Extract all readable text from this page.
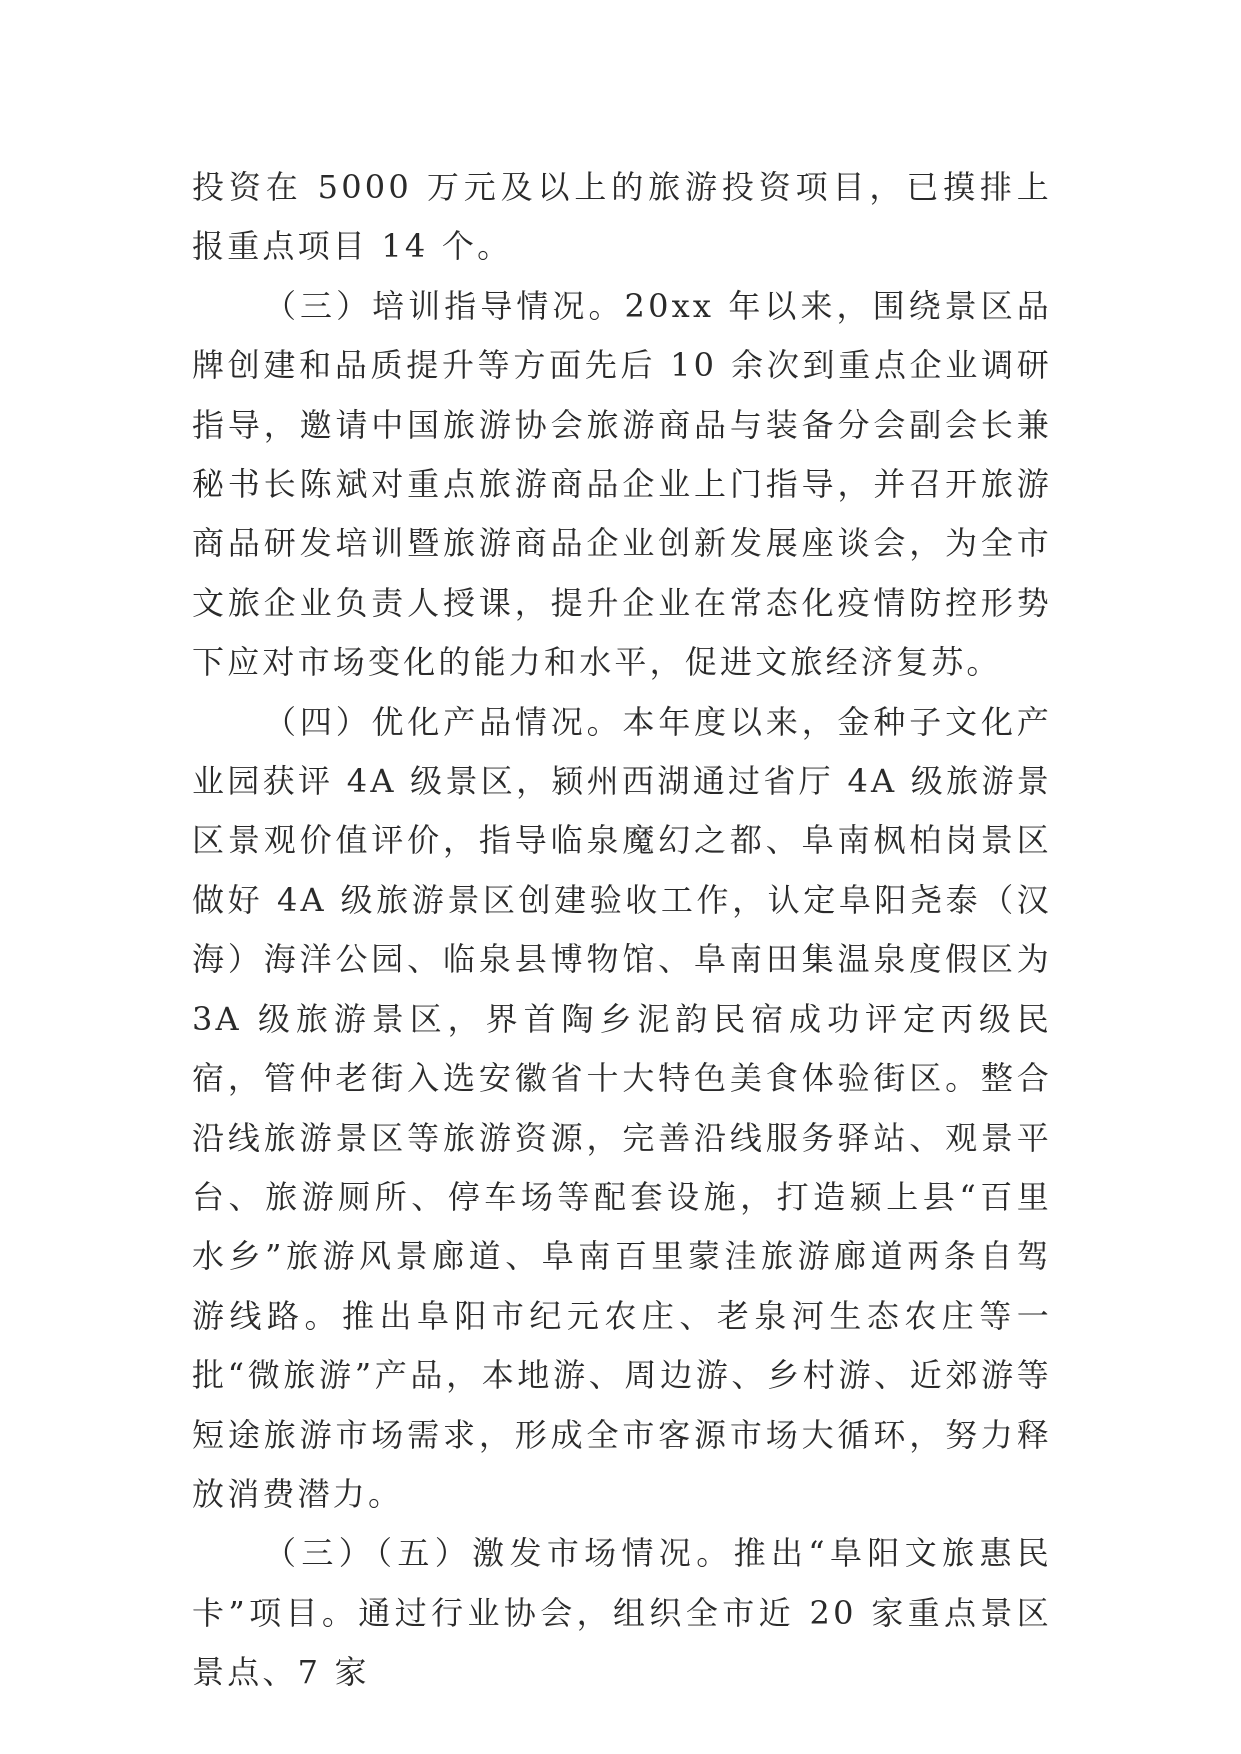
投资在 5000 万元及以上的旅游投资项目，已摸排上报重点项目 14 个。

（三）培训指导情况。20xx 年以来，围绕景区品牌创建和品质提升等方面先后 10 余次到重点企业调研指导，邀请中国旅游协会旅游商品与装备分会副会长兼秘书长陈斌对重点旅游商品企业上门指导，并召开旅游商品研发培训暨旅游商品企业创新发展座谈会，为全市文旅企业负责人授课，提升企业在常态化疫情防控形势下应对市场变化的能力和水平，促进文旅经济复苏。

（四）优化产品情况。本年度以来，金种子文化产业园获评 4A 级景区，颍州西湖通过省厅 4A 级旅游景区景观价值评价，指导临泉魔幻之都、阜南枫柏岗景区做好 4A 级旅游景区创建验收工作，认定阜阳尧泰（汉海）海洋公园、临泉县博物馆、阜南田集温泉度假区为 3A 级旅游景区，界首陶乡泥韵民宿成功评定丙级民宿，管仲老街入选安徽省十大特色美食体验街区。整合沿线旅游景区等旅游资源，完善沿线服务驿站、观景平台、旅游厕所、停车场等配套设施，打造颍上县“百里水乡”旅游风景廊道、阜南百里蒙洼旅游廊道两条自驾游线路。推出阜阳市纪元农庄、老泉河生态农庄等一批“微旅游”产品，本地游、周边游、乡村游、近郊游等短途旅游市场需求，形成全市客源市场大循环，努力释放消费潜力。

（三）（五）激发市场情况。推出“阜阳文旅惠民卡”项目。通过行业协会，组织全市近 20 家重点景区景点、7 家
